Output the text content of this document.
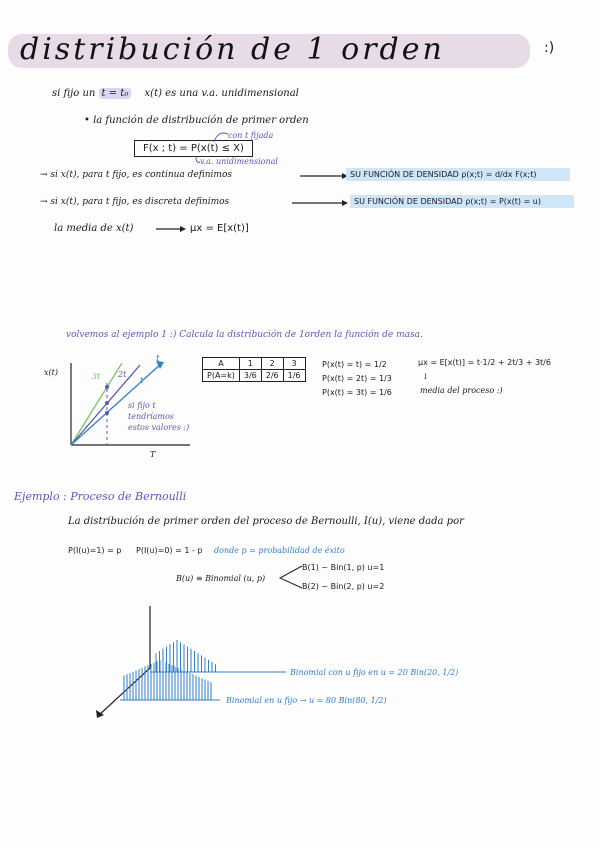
distribución de 1 orden	:)
si fijo un t = t₀ x(t) es una v.a. unidimensional
• la función de distribución de primer orden
con t fijada
F(x ; t) = P(x(t) ≤ X)
v.a. unidimensional
→ si x(t), para t fijo, es continua definimos	SU FUNCIÓN DE DENSIDAD ρ(x;t) = d/dx F(x;t)
→ si x(t), para t fijo, es discreta definimos	SU FUNCIÓN DE DENSIDAD ρ(x;t) = P(x(t) = u)
la media de x(t)	μx = E[x(t)]
volvemos al ejemplo 1 :) Calcula la distribución de 1orden la función de masa.
x(t)
T
t
3t 2t
t
si fijo t
tendríamos
estos valores :)
A	1	2	3
P(A=k)	3/6	2/6	1/6
P(x(t) = t) = 1/2
P(x(t) = 2t) = 1/3
P(x(t) = 3t) = 1/6
μx = E[x(t)] = t·1/2 + 2t/3 + 3t/6
↓
media del proceso :)
Ejemplo : Proceso de Bernoulli
La distribución de primer orden del proceso de Bernoulli, I(u), viene dada por
P(I(u)=1) = p P(I(u)=0) = 1 - p donde p = probabilidad de éxito
B(u) ≡ Binomial (u, p)
B(1) ~ Bin(1, p) u=1
B(2) ~ Bin(2, p) u=2
Binomial con u fijo en u = 20 Bin(20, 1/2)
Binomial en u fijo → u = 80 Bin(80, 1/2)
